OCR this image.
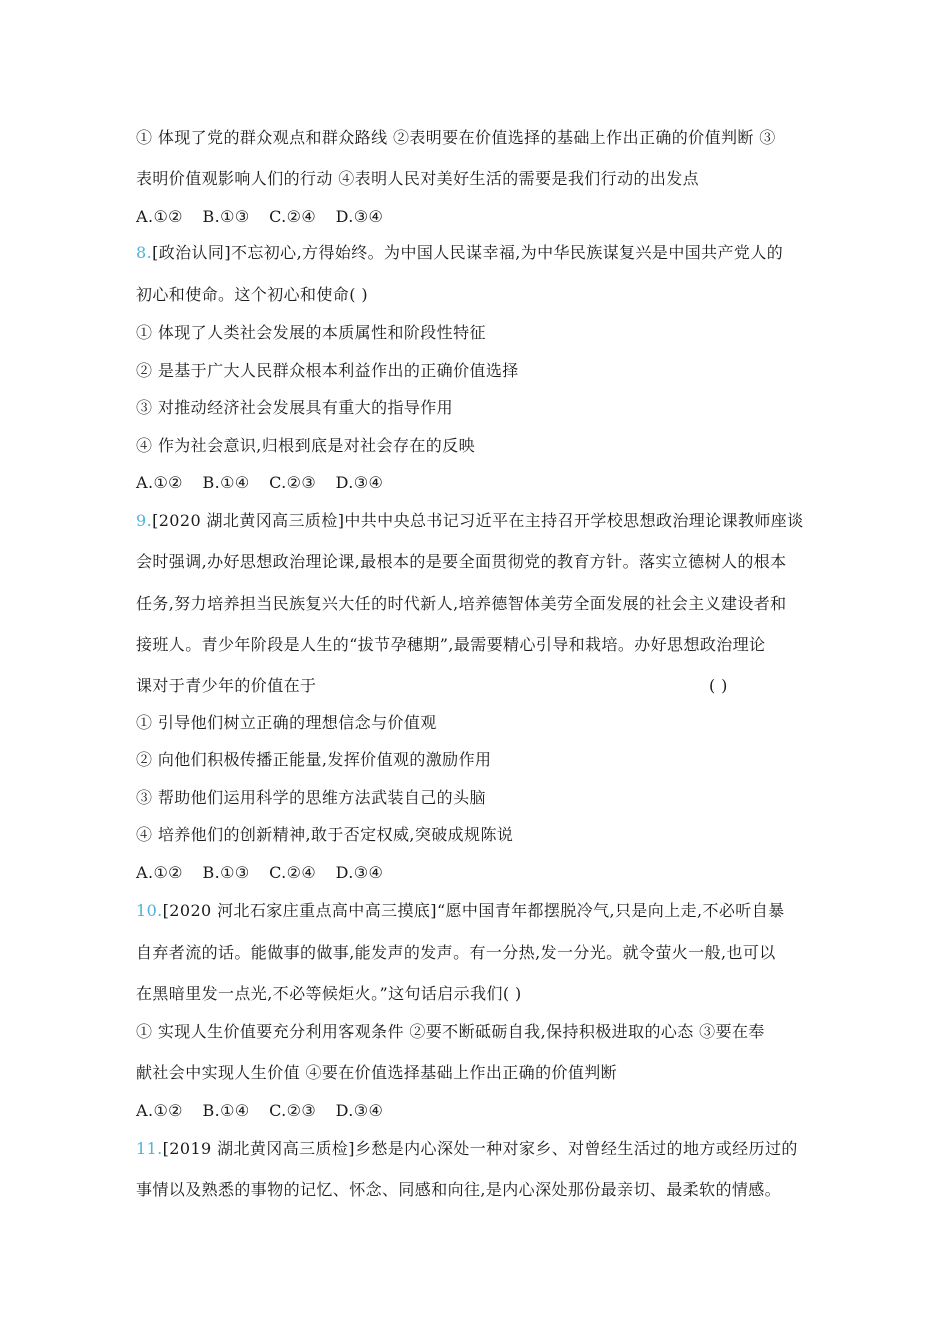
① 体现了党的群众观点和群众路线 ②表明要在价值选择的基础上作出正确的价值判断 ③
表明价值观影响人们的行动 ④表明人民对美好生活的需要是我们行动的出发点
A.①② B.①③ C.②④ D.③④
8.[政治认同]不忘初心,方得始终。为中国人民谋幸福,为中华民族谋复兴是中国共产党人的
初心和使命。这个初心和使命( )
① 体现了人类社会发展的本质属性和阶段性特征
② 是基于广大人民群众根本利益作出的正确价值选择
③ 对推动经济社会发展具有重大的指导作用
④ 作为社会意识,归根到底是对社会存在的反映
A.①② B.①④ C.②③ D.③④
9.[2020 湖北黄冈高三质检]中共中央总书记习近平在主持召开学校思想政治理论课教师座谈
会时强调,办好思想政治理论课,最根本的是要全面贯彻党的教育方针。落实立德树人的根本
任务,努力培养担当民族复兴大任的时代新人,培养德智体美劳全面发展的社会主义建设者和
接班人。青少年阶段是人生的“拔节孕穗期”,最需要精心引导和栽培。办好思想政治理论
课对于青少年的价值在于	( )
① 引导他们树立正确的理想信念与价值观
② 向他们积极传播正能量,发挥价值观的激励作用
③ 帮助他们运用科学的思维方法武装自己的头脑
④ 培养他们的创新精神,敢于否定权威,突破成规陈说
A.①② B.①③ C.②④ D.③④
10.[2020 河北石家庄重点高中高三摸底]“愿中国青年都摆脱冷气,只是向上走,不必听自暴
自弃者流的话。能做事的做事,能发声的发声。有一分热,发一分光。就令萤火一般,也可以
在黑暗里发一点光,不必等候炬火。”这句话启示我们( )
① 实现人生价值要充分利用客观条件 ②要不断砥砺自我,保持积极进取的心态 ③要在奉
献社会中实现人生价值 ④要在价值选择基础上作出正确的价值判断
A.①② B.①④ C.②③ D.③④
11.[2019 湖北黄冈高三质检]乡愁是内心深处一种对家乡、对曾经生活过的地方或经历过的
事情以及熟悉的事物的记忆、怀念、同感和向往,是内心深处那份最亲切、最柔软的情感。
